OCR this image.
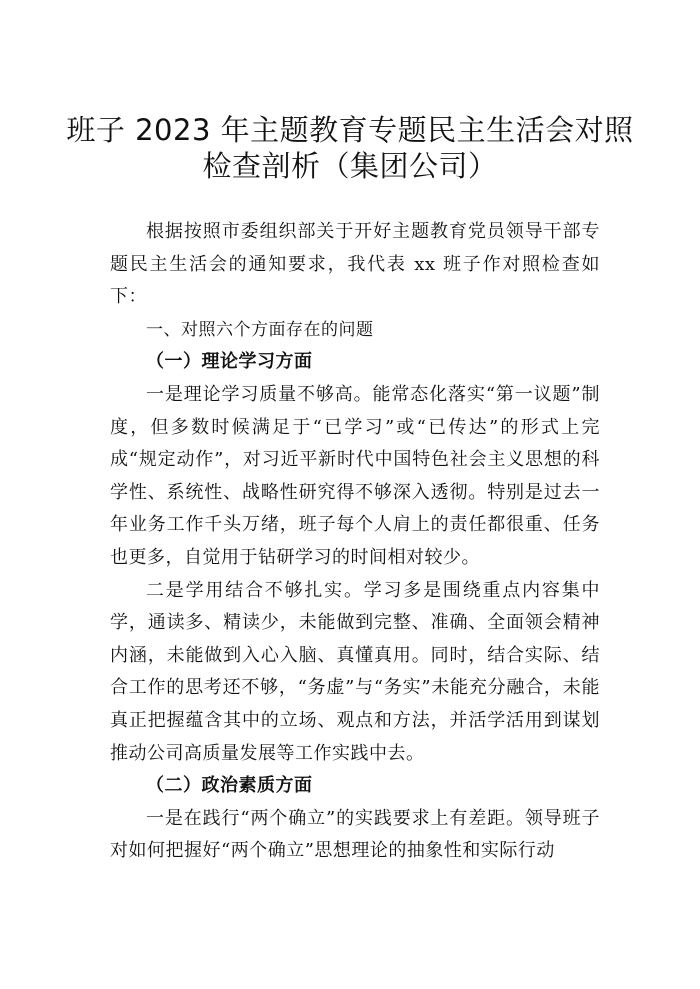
班子 2023 年主题教育专题民主生活会对照
检查剖析（集团公司）

根据按照市委组织部关于开好主题教育党员领导干部专题民主生活会的通知要求，我代表 xx 班子作对照检查如下：

一、对照六个方面存在的问题

（一）理论学习方面

一是理论学习质量不够高。能常态化落实“第一议题”制度，但多数时候满足于“已学习”或“已传达”的形式上完成“规定动作”，对习近平新时代中国特色社会主义思想的科学性、系统性、战略性研究得不够深入透彻。特别是过去一年业务工作千头万绪，班子每个人肩上的责任都很重、任务也更多，自觉用于钻研学习的时间相对较少。

二是学用结合不够扎实。学习多是围绕重点内容集中学，通读多、精读少，未能做到完整、准确、全面领会精神内涵，未能做到入心入脑、真懂真用。同时，结合实际、结合工作的思考还不够，“务虚”与“务实”未能充分融合，未能真正把握蕴含其中的立场、观点和方法，并活学活用到谋划推动公司高质量发展等工作实践中去。

（二）政治素质方面

一是在践行“两个确立”的实践要求上有差距。领导班子对如何把握好“两个确立”思想理论的抽象性和实际行动
